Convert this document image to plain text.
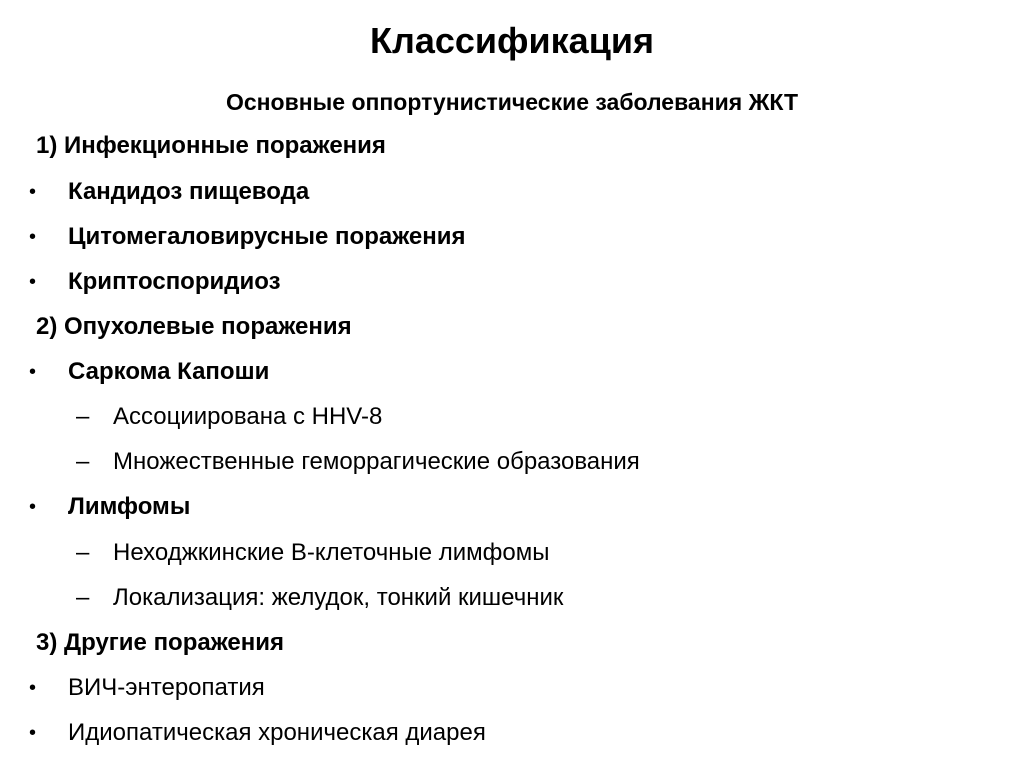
Классификация
Основные оппортунистические заболевания ЖКТ
1) Инфекционные поражения
• Кандидоз пищевода
• Цитомегаловирусные поражения
• Криптоспоридиоз
2) Опухолевые поражения
• Саркома Капоши
– Ассоциирована с HHV-8
– Множественные геморрагические образования
• Лимфомы
– Неходжкинские В-клеточные лимфомы
– Локализация: желудок, тонкий кишечник
3) Другие поражения
• ВИЧ-энтеропатия
• Идиопатическая хроническая диарея
